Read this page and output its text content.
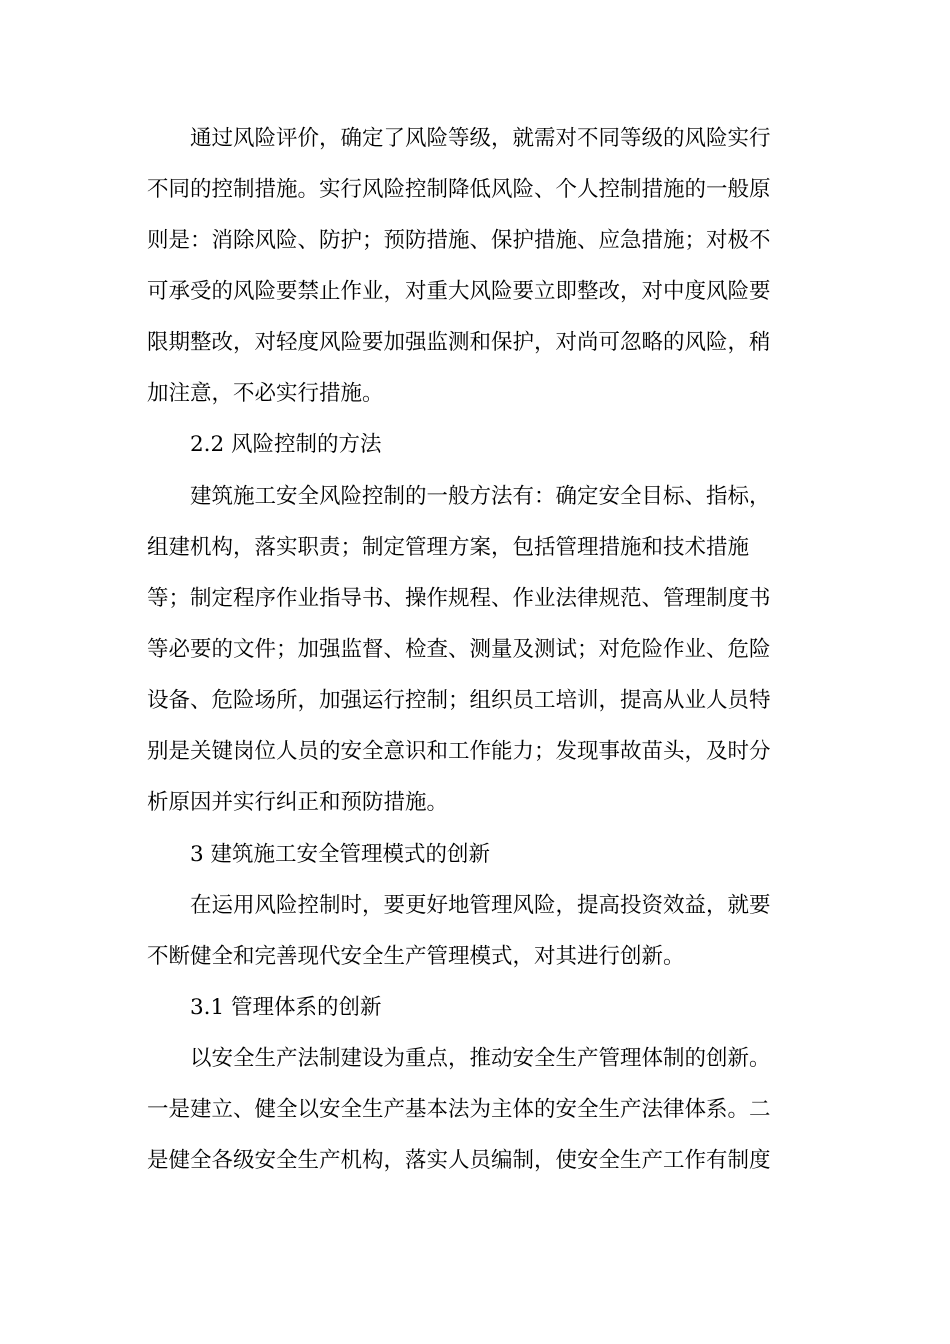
通过风险评价，确定了风险等级，就需对不同等级的风险实行
不同的控制措施。实行风险控制降低风险、个人控制措施的一般原
则是：消除风险、防护；预防措施、保护措施、应急措施；对极不
可承受的风险要禁止作业，对重大风险要立即整改，对中度风险要
限期整改，对轻度风险要加强监测和保护，对尚可忽略的风险，稍
加注意，不必实行措施。
2.2 风险控制的方法
建筑施工安全风险控制的一般方法有：确定安全目标、指标，
组建机构，落实职责；制定管理方案，包括管理措施和技术措施
等；制定程序作业指导书、操作规程、作业法律规范、管理制度书
等必要的文件；加强监督、检查、测量及测试；对危险作业、危险
设备、危险场所，加强运行控制；组织员工培训，提高从业人员特
别是关键岗位人员的安全意识和工作能力；发现事故苗头，及时分
析原因并实行纠正和预防措施。
3 建筑施工安全管理模式的创新
在运用风险控制时，要更好地管理风险，提高投资效益，就要
不断健全和完善现代安全生产管理模式，对其进行创新。
3.1 管理体系的创新
以安全生产法制建设为重点，推动安全生产管理体制的创新。
一是建立、健全以安全生产基本法为主体的安全生产法律体系。二
是健全各级安全生产机构，落实人员编制，使安全生产工作有制度
